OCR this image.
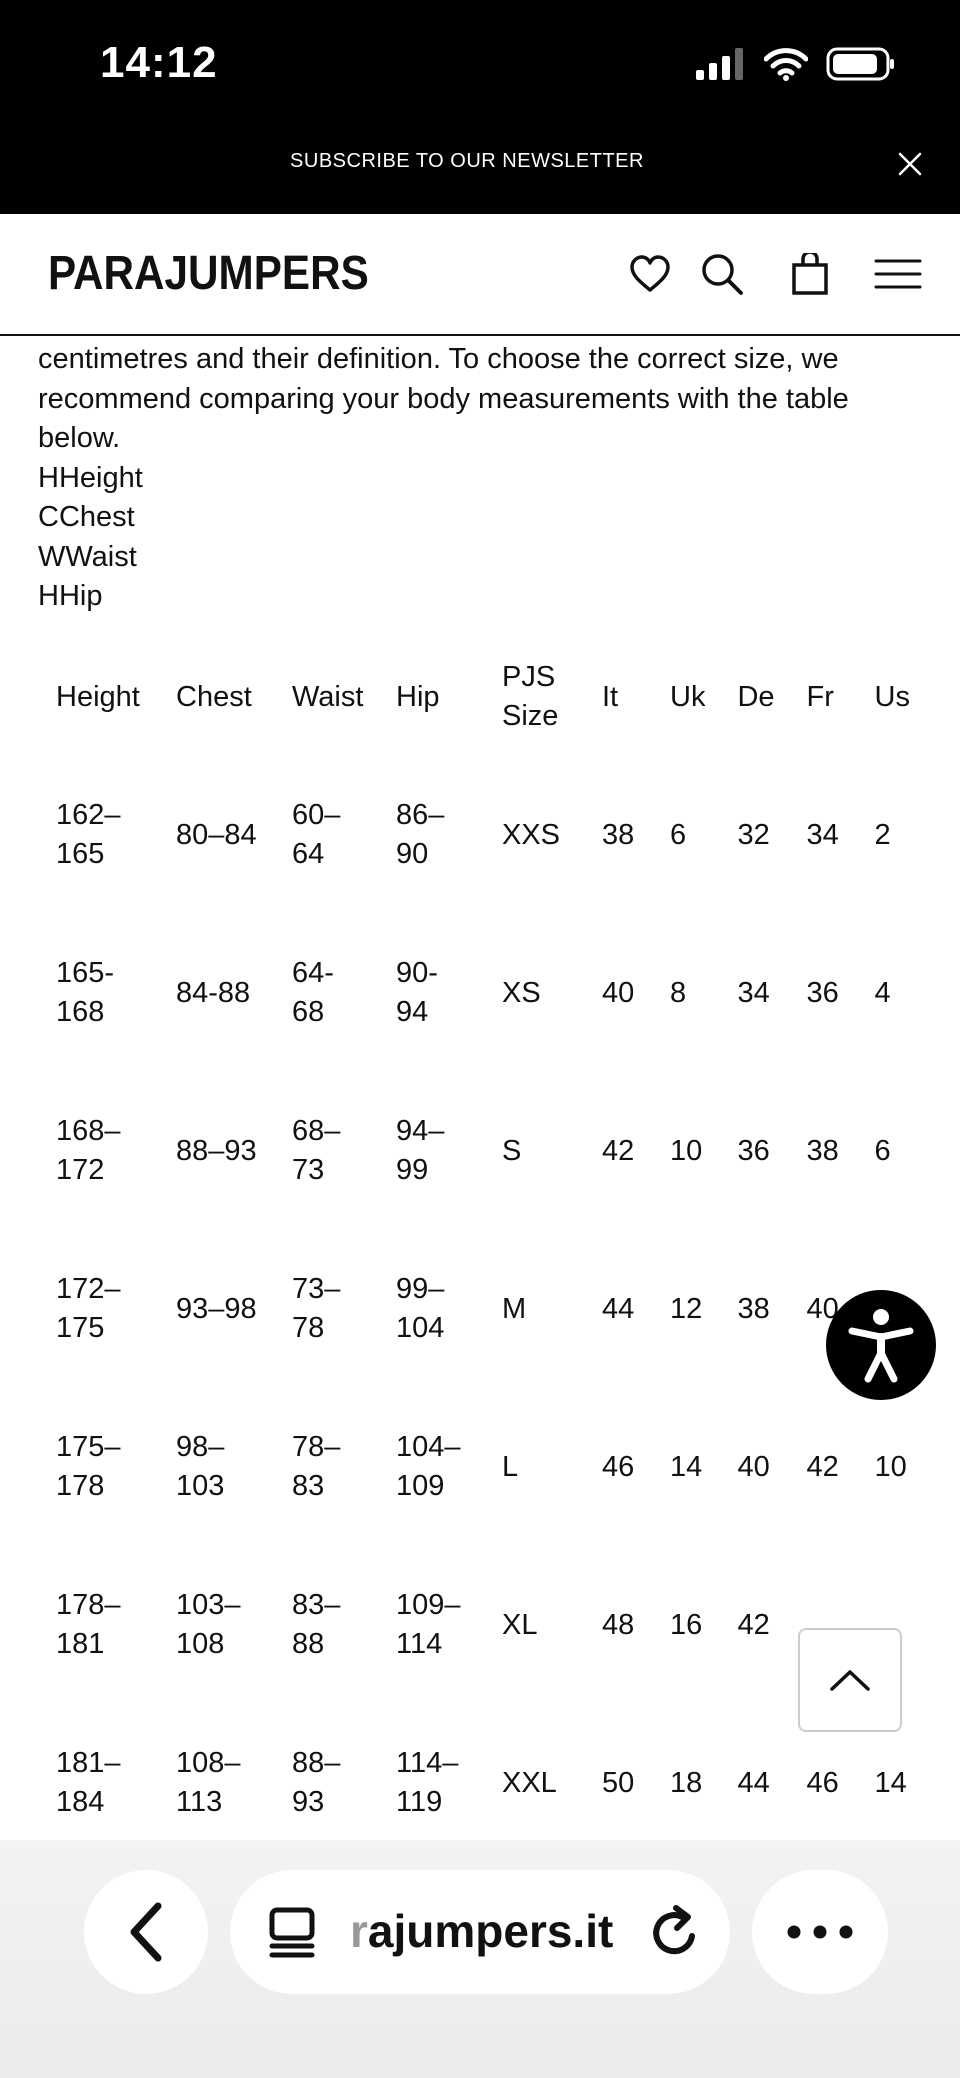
14:12
SUBSCRIBE TO OUR NEWSLETTER
PARAJUMPERS

centimetres and their definition. To choose the correct size, we

recommend comparing your body measurements with the table

below.

HHeight
CChest
WWaist
HHip
Height	Chest	Waist	Hip	PJS Size	It	Uk	De	Fr	Us
162–165	80–84	60–64	86–90	XXS	38	6	32	34	2
165-168	84-88	64-68	90-94	XS	40	8	34	36	4
168–172	88–93	68–73	94–99	S	42	10	36	38	6
172–175	93–98	73–78	99–104	M	44	12	38	40	
175–178	98–103	78–83	104–109	L	46	14	40	42	10
178–181	103–108	83–88	109–114	XL	48	16	42		
181–184	108–113	88–93	114–119	XXL	50	18	44	46	14
rajumpers.it
